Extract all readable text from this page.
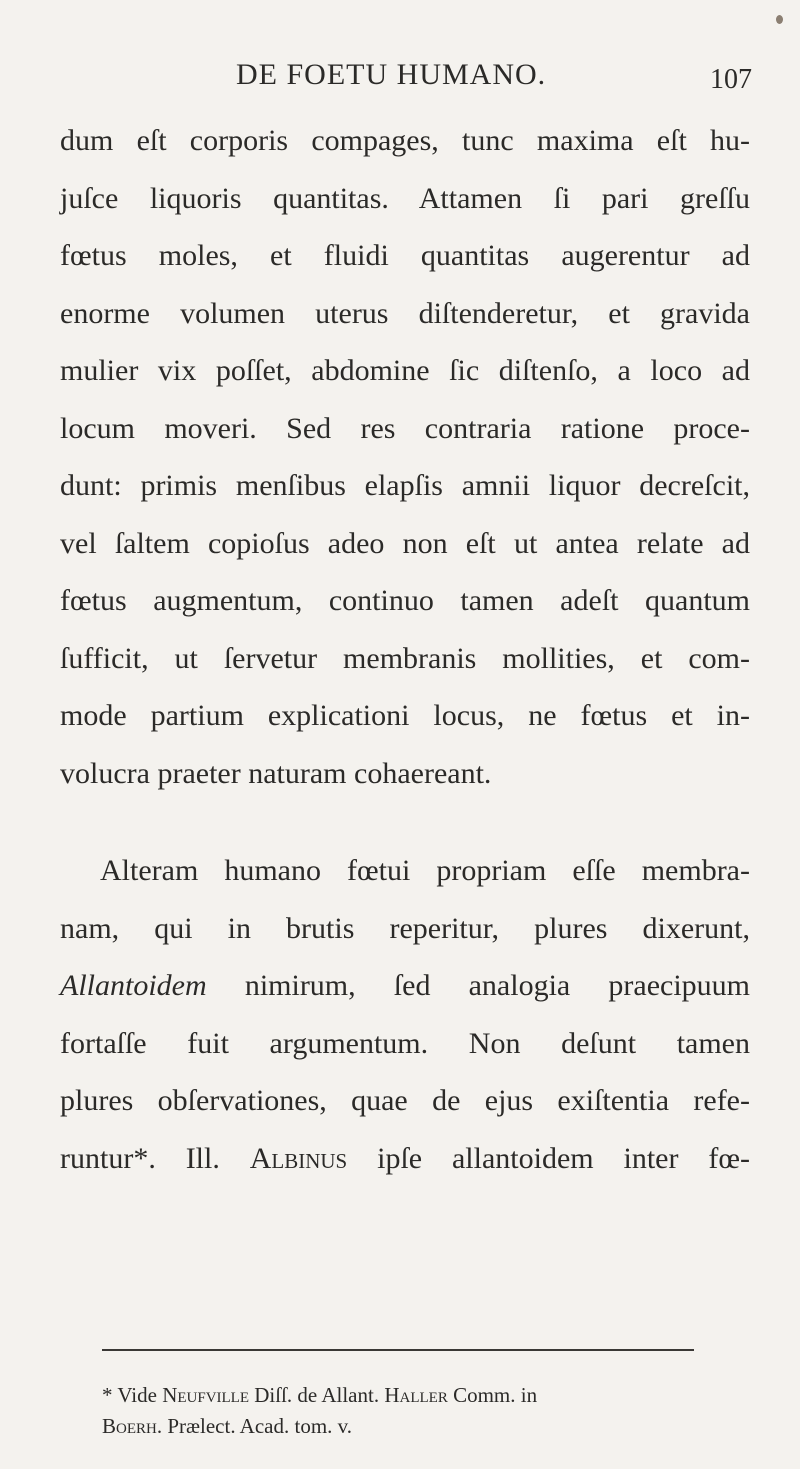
DE FOETU HUMANO.	107
dum eſt corporis compages, tunc maxima eſt hu-
juſce liquoris quantitas. Attamen ſi pari greſſu
fœtus moles, et fluidi quantitas augerentur ad
enorme volumen uterus diſtenderetur, et gravida
mulier vix poſſet, abdomine ſic diſtenſo, a loco ad
locum moveri. Sed res contraria ratione proce-
dunt: primis menſibus elapſis amnii liquor decreſcit,
vel ſaltem copioſus adeo non eſt ut antea relate ad
fœtus augmentum, continuo tamen adeſt quantum
ſufficit, ut ſervetur membranis mollities, et com-
mode partium explicationi locus, ne fœtus et in-
volucra praeter naturam cohaereant.
Alteram humano fœtui propriam eſſe membra-
nam, qui in brutis reperitur, plures dixerunt,
Allantoidem nimirum, ſed analogia praecipuum
fortaſſe fuit argumentum. Non deſunt tamen
plures obſervationes, quae de ejus exiſtentia refe-
runtur*. Ill. Albinus ipſe allantoidem inter fœ-
* Vide Neufville Diſſ. de Allant. Haller Comm. in
Boerh. Prælect. Acad. tom. v.
